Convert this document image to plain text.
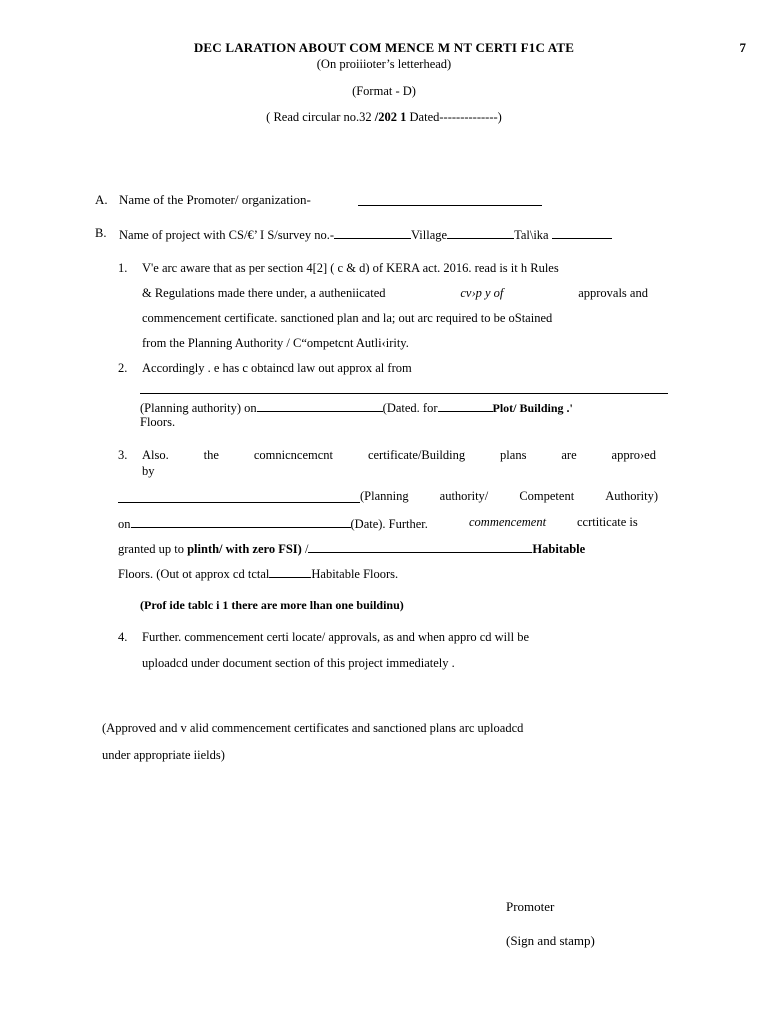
7
DEC LARATION ABOUT COM MENCE M NT CERTI F1C ATE
(On proiiioter’s letterhead)
(Format - D)
( Read circular no.32 /202 1 Dated--------------)
A. Name of the Promoter/ organization-
B. Name of project with CS/€’ I S/survey no.-	Village	Tal\ika
1. V'e arc aware that as per section 4[2] ( c & d) of KERA act. 2016. read is it h Rules
& Regulations made there under, a autheniicated	cv›p y of	approvals and
commencement certificate. sanctioned plan and la; out arc required to be oStained
from the Planning Authority / C“ompetcnt Autli‹irity.
2. Accordingly . e has c obtaincd law out approx al from
(Planning authority) on	(Dated. for	Plot/ Building .'
Floors.
3. Also.	the	comnicncemcnt	certificate/Building	plans	are	appro›ed
by
(Planning authority/ Competent Authority)
on	(Date). Further.	commencement ccrtiticate is
granted up to plinth/ with zero FSI) /	Habitable
Floors. (Out ot approx cd tctal	Habitable Floors.
(Prof ide tablc i 1 there are more lhan one buildinu)
4. Further. commencement certi locate/ approvals, as and when appro cd will be
uploadcd under document section of this project immediately .
(Approved and v alid commencement certificates and sanctioned plans arc uploadcd
under appropriate iields)
Promoter
(Sign and stamp)
